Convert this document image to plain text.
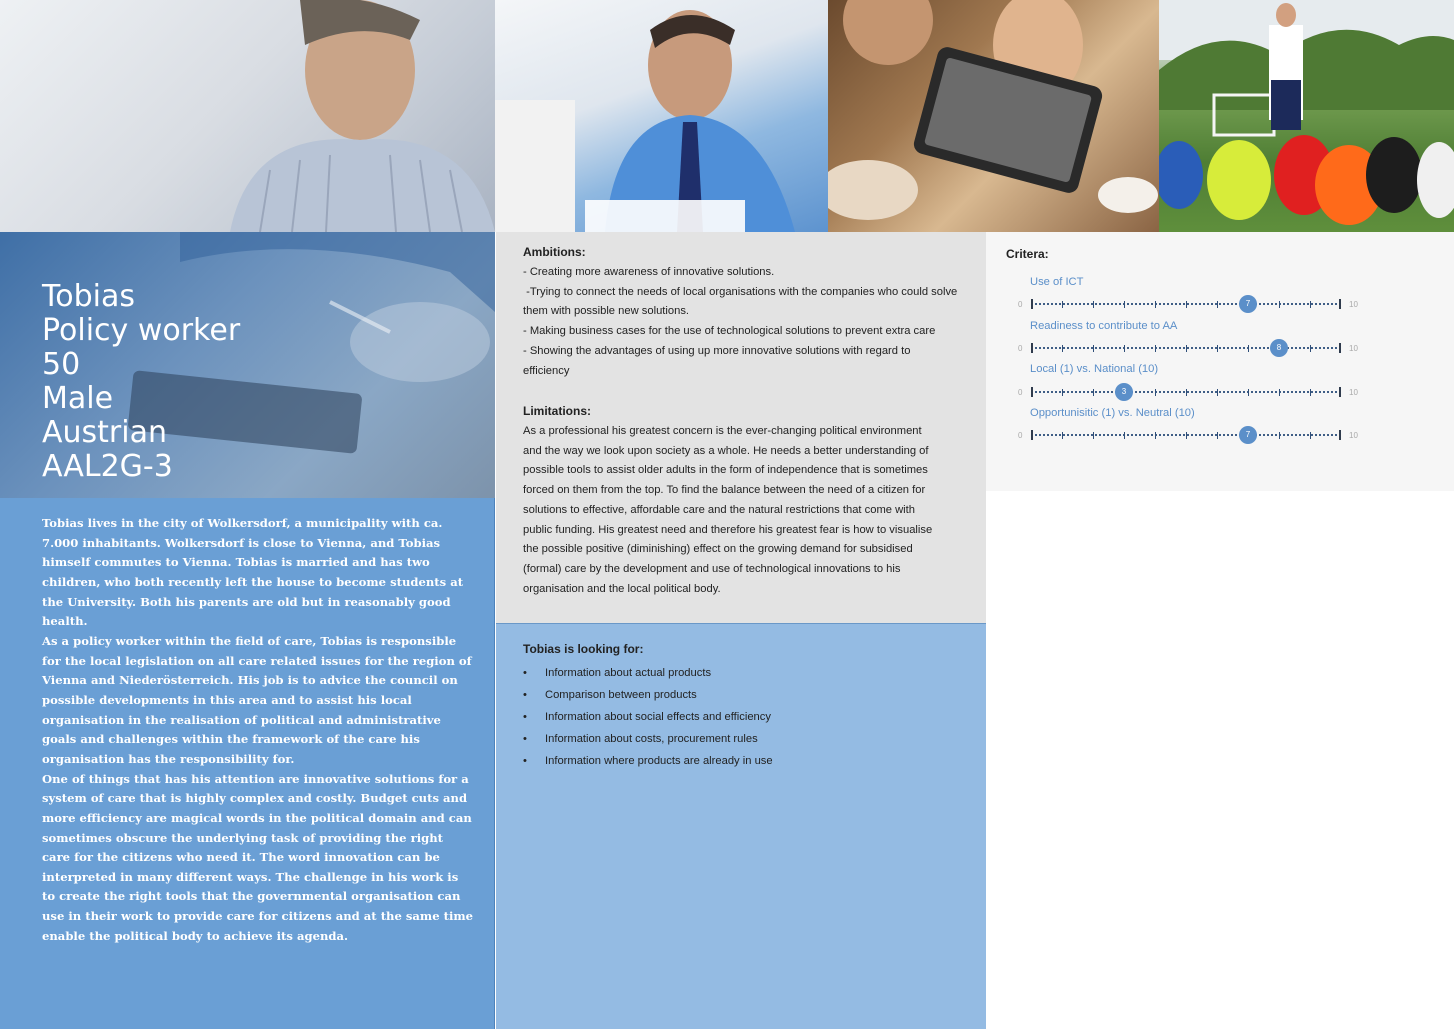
Tobias
Policy worker
50
Male
Austrian
AAL2G-3

Tobias lives in the city of Wolkersdorf, a municipality with ca. 7.000 inhabitants. Wolkersdorf is close to Vienna, and Tobias himself commutes to Vienna. Tobias is married and has two children, who both recently left the house to become students at the University. Both his parents are old but in reasonably good health.

As a policy worker within the field of care, Tobias is responsible for the local legislation on all care related issues for the region of Vienna and Niederösterreich. His job is to advice the council on possible developments in this area and to assist his local organisation in the realisation of political and administrative goals and challenges within the framework of the care his organisation has the responsibility for.

One of things that has his attention are innovative solutions for a system of care that is highly complex and costly. Budget cuts and more efficiency are magical words in the political domain and can sometimes obscure the underlying task of providing the right care for the citizens who need it. The word innovation can be interpreted in many different ways. The challenge in his work is to create the right tools that the governmental organisation can use in their work to provide care for citizens and at the same time enable the political body to achieve its agenda.

Ambitions:
- Creating more awareness of innovative solutions.
-Trying to connect the needs of local organisations with the companies who could solve
them with possible new solutions.
- Making business cases for the use of technological solutions to prevent extra care
- Showing the advantages of using up more innovative solutions with regard to
efficiency
Limitations:
As a professional his greatest concern is the ever-changing political environment and the way we look upon society as a whole. He needs a better understanding of possible tools to assist older adults in the form of independence that is sometimes forced on them from the top. To find the balance between the need of a citizen for solutions to effective, affordable care and the natural restrictions that come with public funding. His greatest need and therefore his greatest fear is how to visualise the possible positive (diminishing) effect on the growing demand for subsidised (formal) care by the development and use of technological innovations to his organisation and the local political body.
Tobias is looking for:
• Information about actual products
• Comparison between products
• Information about social effects and efficiency
• Information about costs, procurement rules
• Information where products are already in use
Critera:
Use of ICT
0	7	10
Readiness to contribute to AA
0	8	10
Local (1) vs. National (10)
0	3	10
Opportunisitic (1) vs. Neutral (10)
0	7	10
